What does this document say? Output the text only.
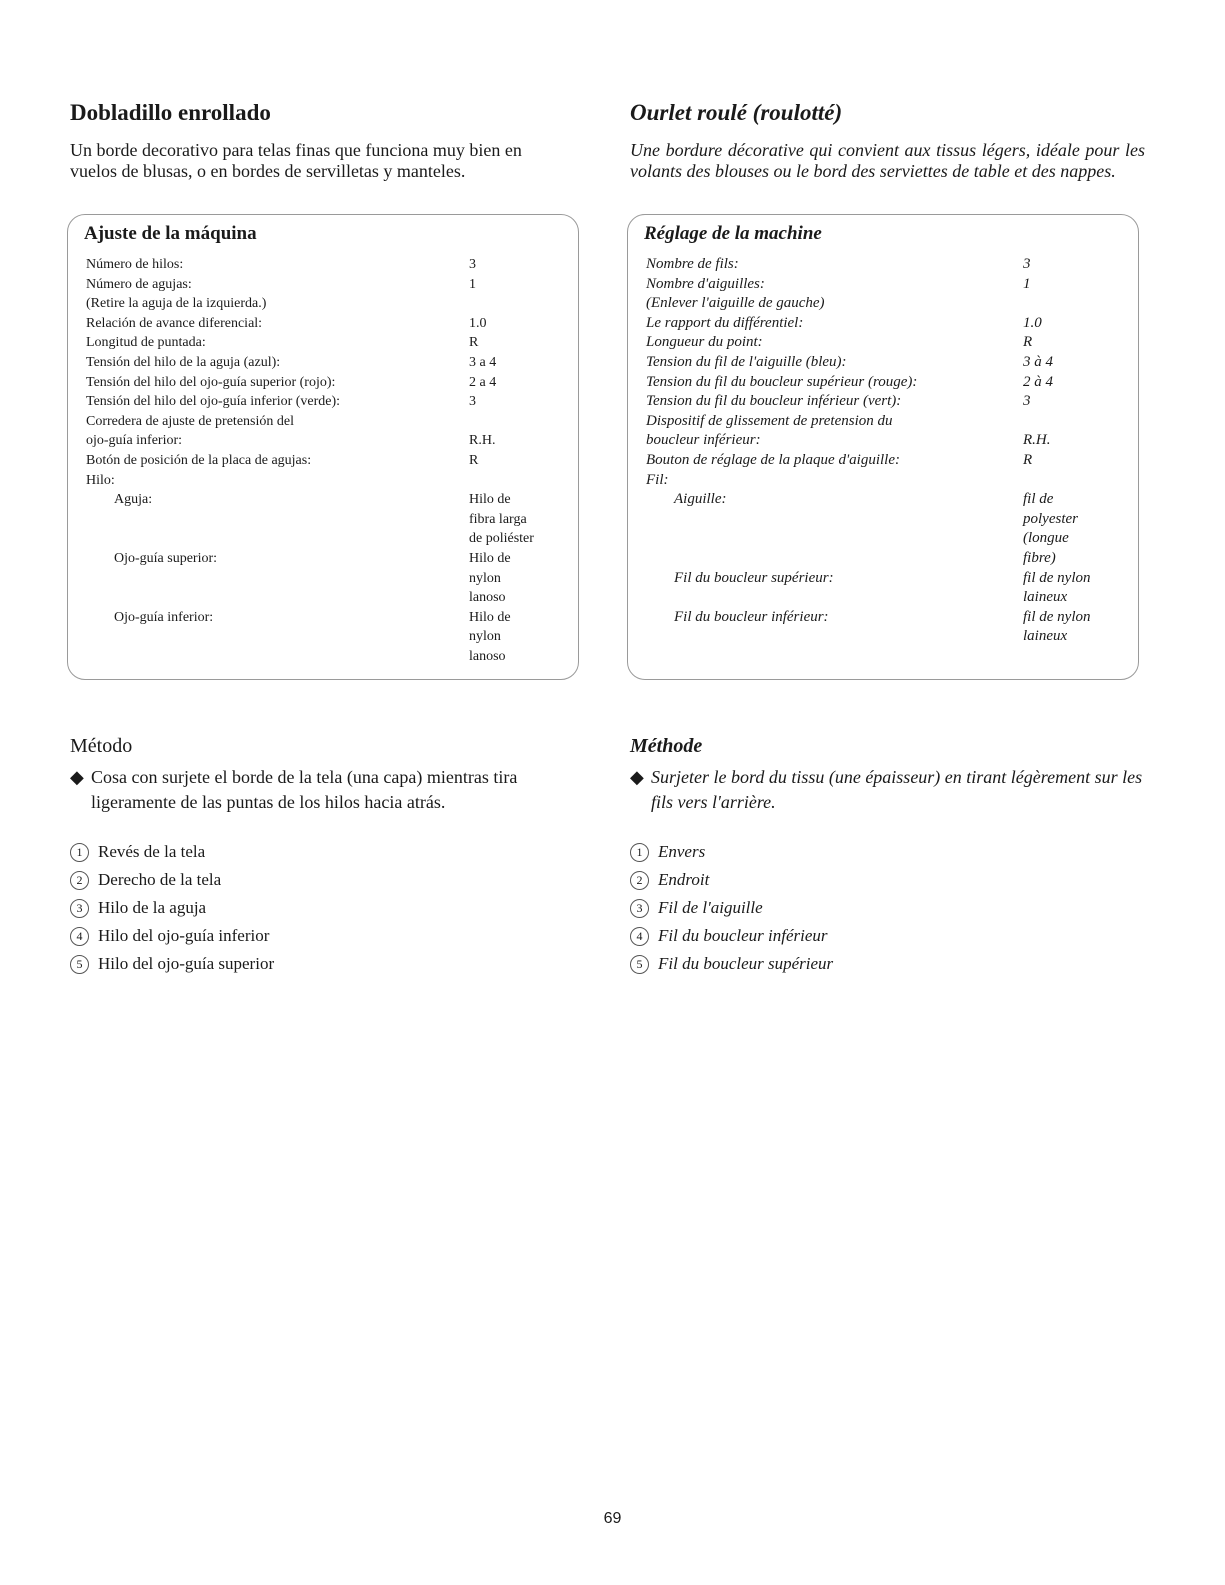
Dobladillo enrollado

Un borde decorativo para telas finas que funciona muy bien en vuelos de blusas, o en bordes de servilletas y manteles.

Ajuste de la máquina
Número de hilos:	3
Número de agujas:	1
(Retire la aguja de la izquierda.)
Relación de avance diferencial:	1.0
Longitud de puntada:	R
Tensión del hilo de la aguja (azul):	3 a 4
Tensión del hilo del ojo-guía superior (rojo):	2 a 4
Tensión del hilo del ojo-guía inferior (verde):	3
Corredera de ajuste de pretensión del
ojo-guía inferior:	R.H.
Botón de posición de la placa de agujas:	R
Hilo:
Aguja:	Hilo de
fibra larga
de poliéster
Ojo-guía superior:	Hilo de
nylon
lanoso
Ojo-guía inferior:	Hilo de
nylon
lanoso
Método

◆ Cosa con surjete el borde de la tela (una capa) mientras tira ligeramente de las puntas de los hilos hacia atrás.

1 Revés de la tela
2 Derecho de la tela
3 Hilo de la aguja
4 Hilo del ojo-guía inferior
5 Hilo del ojo-guía superior
Ourlet roulé (roulotté)

Une bordure décorative qui convient aux tissus légers, idéale pour les volants des blouses ou le bord des serviettes de table et des nappes.

Réglage de la machine
Nombre de fils:	3
Nombre d'aiguilles:	1
(Enlever l'aiguille de gauche)
Le rapport du différentiel:	1.0
Longueur du point:	R
Tension du fil de l'aiguille (bleu):	3 à 4
Tension du fil du boucleur supérieur (rouge):	2 à 4
Tension du fil du boucleur inférieur (vert):	3
Dispositif de glissement de pretension du
boucleur inférieur:	R.H.
Bouton de réglage de la plaque d'aiguille:	R
Fil:
Aiguille:	fil de
polyester
(longue
fibre)
Fil du boucleur supérieur:	fil de nylon
laineux
Fil du boucleur inférieur:	fil de nylon
laineux
Méthode

◆ Surjeter le bord du tissu (une épaisseur) en tirant légèrement sur les fils vers l'arrière.

1 Envers
2 Endroit
3 Fil de l'aiguille
4 Fil du boucleur inférieur
5 Fil du boucleur supérieur

69
